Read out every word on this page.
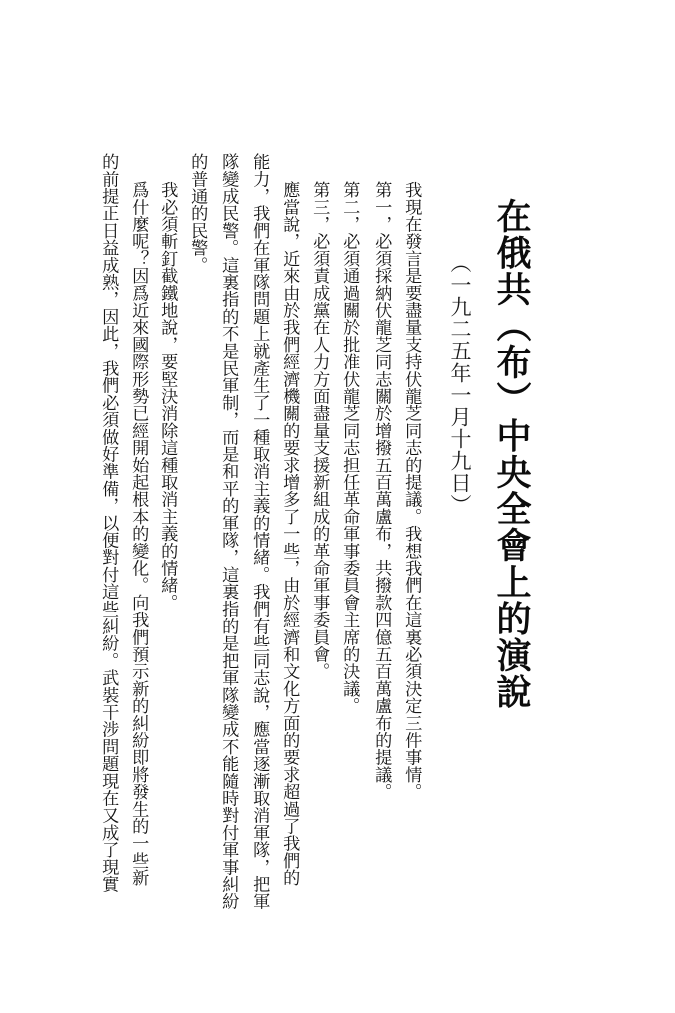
在俄共（布）中央全會上的演說
（一九二五年一月十九日）
我現在發言是要盡量支持伏龍芝同志的提議。我想我們在這裏必須決定三件事情。
第一，必須採納伏龍芝同志關於增撥五百萬盧布，共撥款四億五百萬盧布的提議。
第二，必須通過關於批准伏龍芝同志担任革命軍事委員會主席的決議。
第三，必須責成黨在人力方面盡量支援新組成的革命軍事委員會。
應當說，近來由於我們經濟機關的要求增多了一些，由於經濟和文化方面的要求超過了我們的
能力，我們在軍隊問題上就產生了一種取消主義的情緒。我們有些同志說，應當逐漸取消軍隊，把軍
隊變成民警。這裏指的不是民軍制，而是和平的軍隊，這裏指的是把軍隊變成不能隨時對付軍事糾紛
的普通的民警。
我必須斬釘截鐵地說，要堅決消除這種取消主義的情緒。
爲什麼呢？因爲近來國際形勢已經開始起根本的變化。向我們預示新的糾紛即將發生的一些新
的前提正日益成熟，因此，我們必須做好準備，以便對付這些糾紛。武裝干涉問題現在又成了現實
